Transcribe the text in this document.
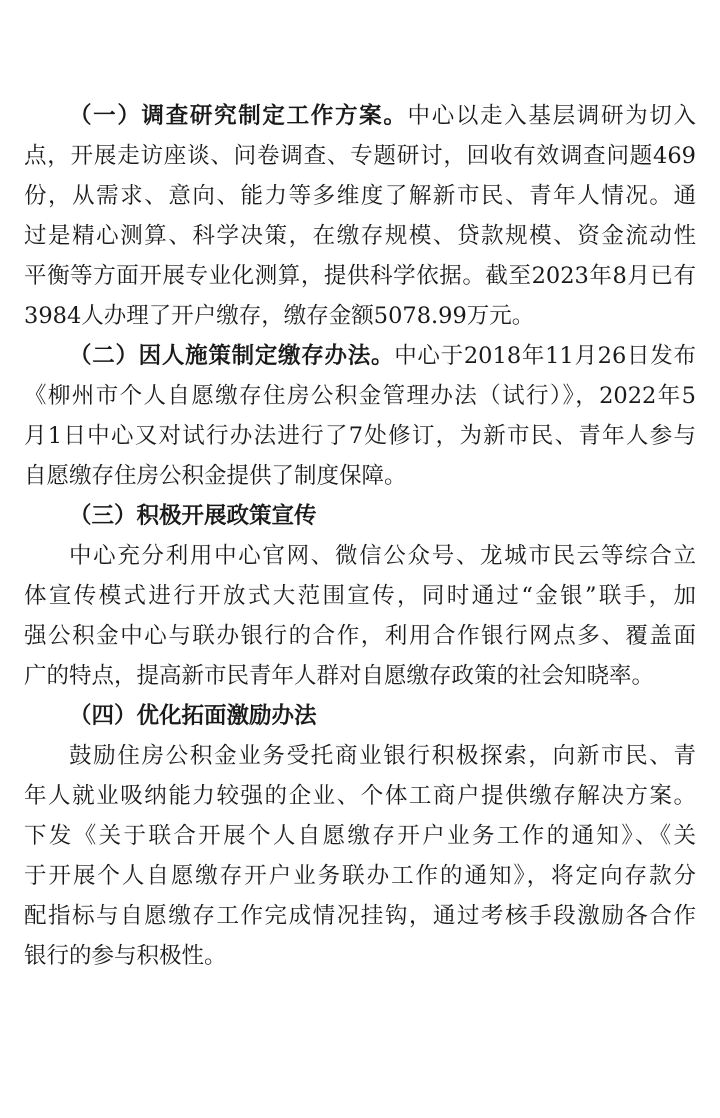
（一）调查研究制定工作方案。中心以走入基层调研为切入
点，开展走访座谈、问卷调查、专题研讨，回收有效调查问题469
份，从需求、意向、能力等多维度了解新市民、青年人情况。通
过是精心测算、科学决策，在缴存规模、贷款规模、资金流动性
平衡等方面开展专业化测算，提供科学依据。截至2023年8月已有
3984人办理了开户缴存，缴存金额5078.99万元。
（二）因人施策制定缴存办法。中心于2018年11月26日发布
《柳州市个人自愿缴存住房公积金管理办法（试行）》，2022年5
月1日中心又对试行办法进行了7处修订，为新市民、青年人参与
自愿缴存住房公积金提供了制度保障。
（三）积极开展政策宣传
中心充分利用中心官网、微信公众号、龙城市民云等综合立
体宣传模式进行开放式大范围宣传，同时通过“金银”联手，加
强公积金中心与联办银行的合作，利用合作银行网点多、覆盖面
广的特点，提高新市民青年人群对自愿缴存政策的社会知晓率。
（四）优化拓面激励办法
鼓励住房公积金业务受托商业银行积极探索，向新市民、青
年人就业吸纳能力较强的企业、个体工商户提供缴存解决方案。
下发《关于联合开展个人自愿缴存开户业务工作的通知》、《关
于开展个人自愿缴存开户业务联办工作的通知》，将定向存款分
配指标与自愿缴存工作完成情况挂钩，通过考核手段激励各合作
银行的参与积极性。
